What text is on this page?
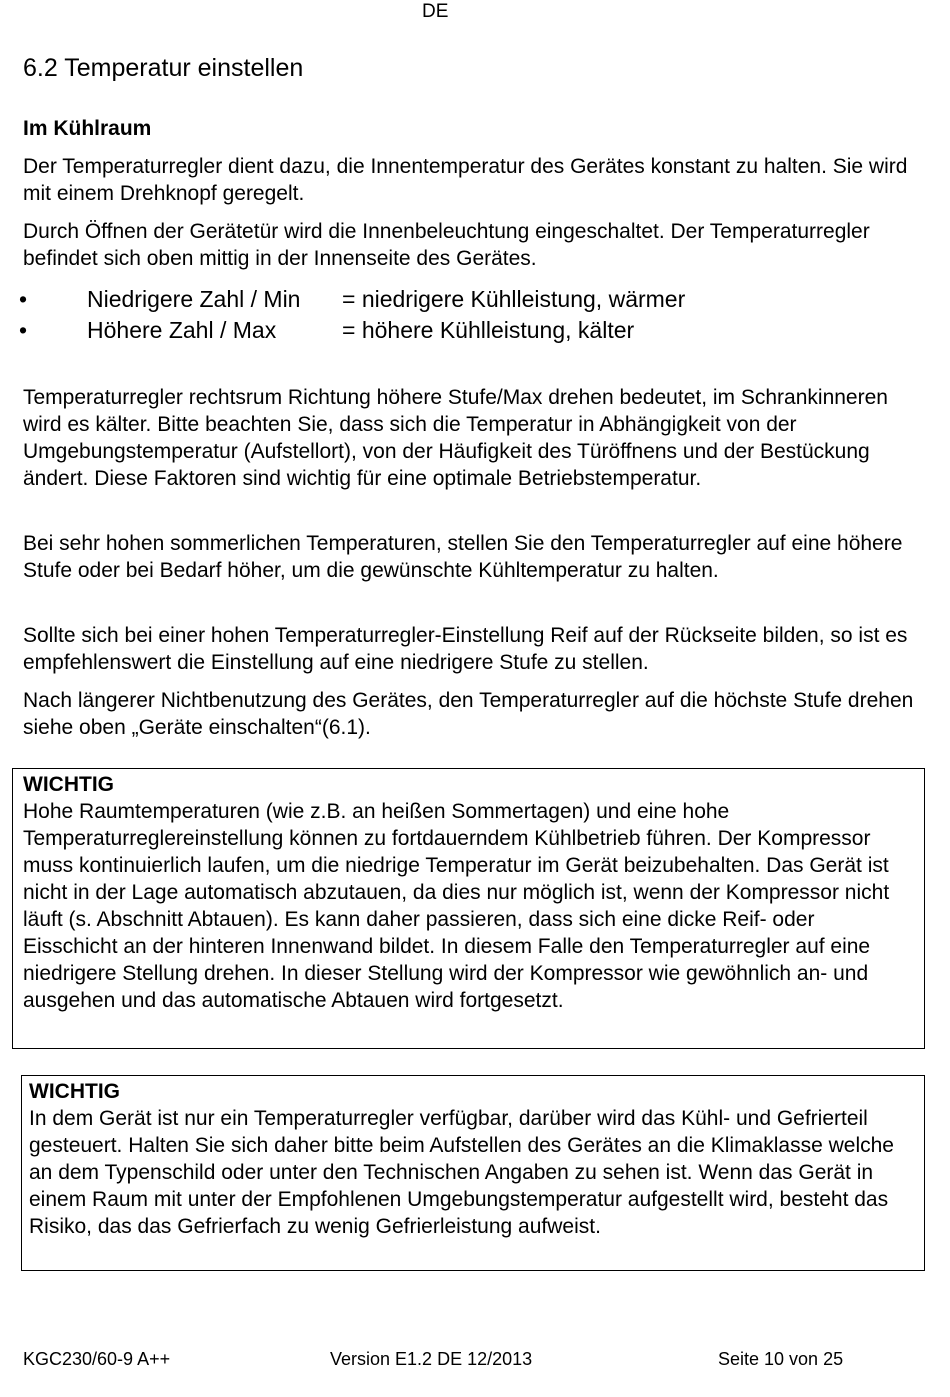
DE
6.2 Temperatur einstellen
Im Kühlraum

Der Temperaturregler dient dazu, die Innentemperatur des Gerätes konstant zu halten. Sie wird mit einem Drehknopf geregelt.

Durch Öffnen der Gerätetür wird die Innenbeleuchtung eingeschaltet. Der Temperaturregler befindet sich oben mittig in der Innenseite des Gerätes.

•	Niedrigere Zahl / Min = niedrigere Kühlleistung, wärmer
•	Höhere Zahl / Max	= höhere Kühlleistung, kälter

Temperaturregler rechtsrum Richtung höhere Stufe/Max drehen bedeutet, im Schrankinneren wird es kälter. Bitte beachten Sie, dass sich die Temperatur in Abhängigkeit von der Umgebungstemperatur (Aufstellort), von der Häufigkeit des Türöffnens und der Bestückung ändert. Diese Faktoren sind wichtig für eine optimale Betriebstemperatur.

Bei sehr hohen sommerlichen Temperaturen, stellen Sie den Temperaturregler auf eine höhere Stufe oder bei Bedarf höher, um die gewünschte Kühltemperatur zu halten.

Sollte sich bei einer hohen Temperaturregler-Einstellung Reif auf der Rückseite bilden, so ist es empfehlenswert die Einstellung auf eine niedrigere Stufe zu stellen.

Nach längerer Nichtbenutzung des Gerätes, den Temperaturregler auf die höchste Stufe drehen siehe oben „Geräte einschalten“(6.1).

WICHTIG

Hohe Raumtemperaturen (wie z.B. an heißen Sommertagen) und eine hohe Temperaturreglereinstellung können zu fortdauerndem Kühlbetrieb führen. Der Kompressor muss kontinuierlich laufen, um die niedrige Temperatur im Gerät beizubehalten. Das Gerät ist nicht in der Lage automatisch abzutauen, da dies nur möglich ist, wenn der Kompressor nicht läuft (s. Abschnitt Abtauen). Es kann daher passieren, dass sich eine dicke Reif- oder Eisschicht an der hinteren Innenwand bildet. In diesem Falle den Temperaturregler auf eine niedrigere Stellung drehen. In dieser Stellung wird der Kompressor wie gewöhnlich an- und ausgehen und das automatische Abtauen wird fortgesetzt.

WICHTIG

In dem Gerät ist nur ein Temperaturregler verfügbar, darüber wird das Kühl- und Gefrierteil gesteuert. Halten Sie sich daher bitte beim Aufstellen des Gerätes an die Klimaklasse welche an dem Typenschild oder unter den Technischen Angaben zu sehen ist. Wenn das Gerät in einem Raum mit unter der Empfohlenen Umgebungstemperatur aufgestellt wird, besteht das Risiko, das das Gefrierfach zu wenig Gefrierleistung aufweist.

KGC230/60-9 A++	Version E1.2 DE 12/2013	Seite 10 von 25
